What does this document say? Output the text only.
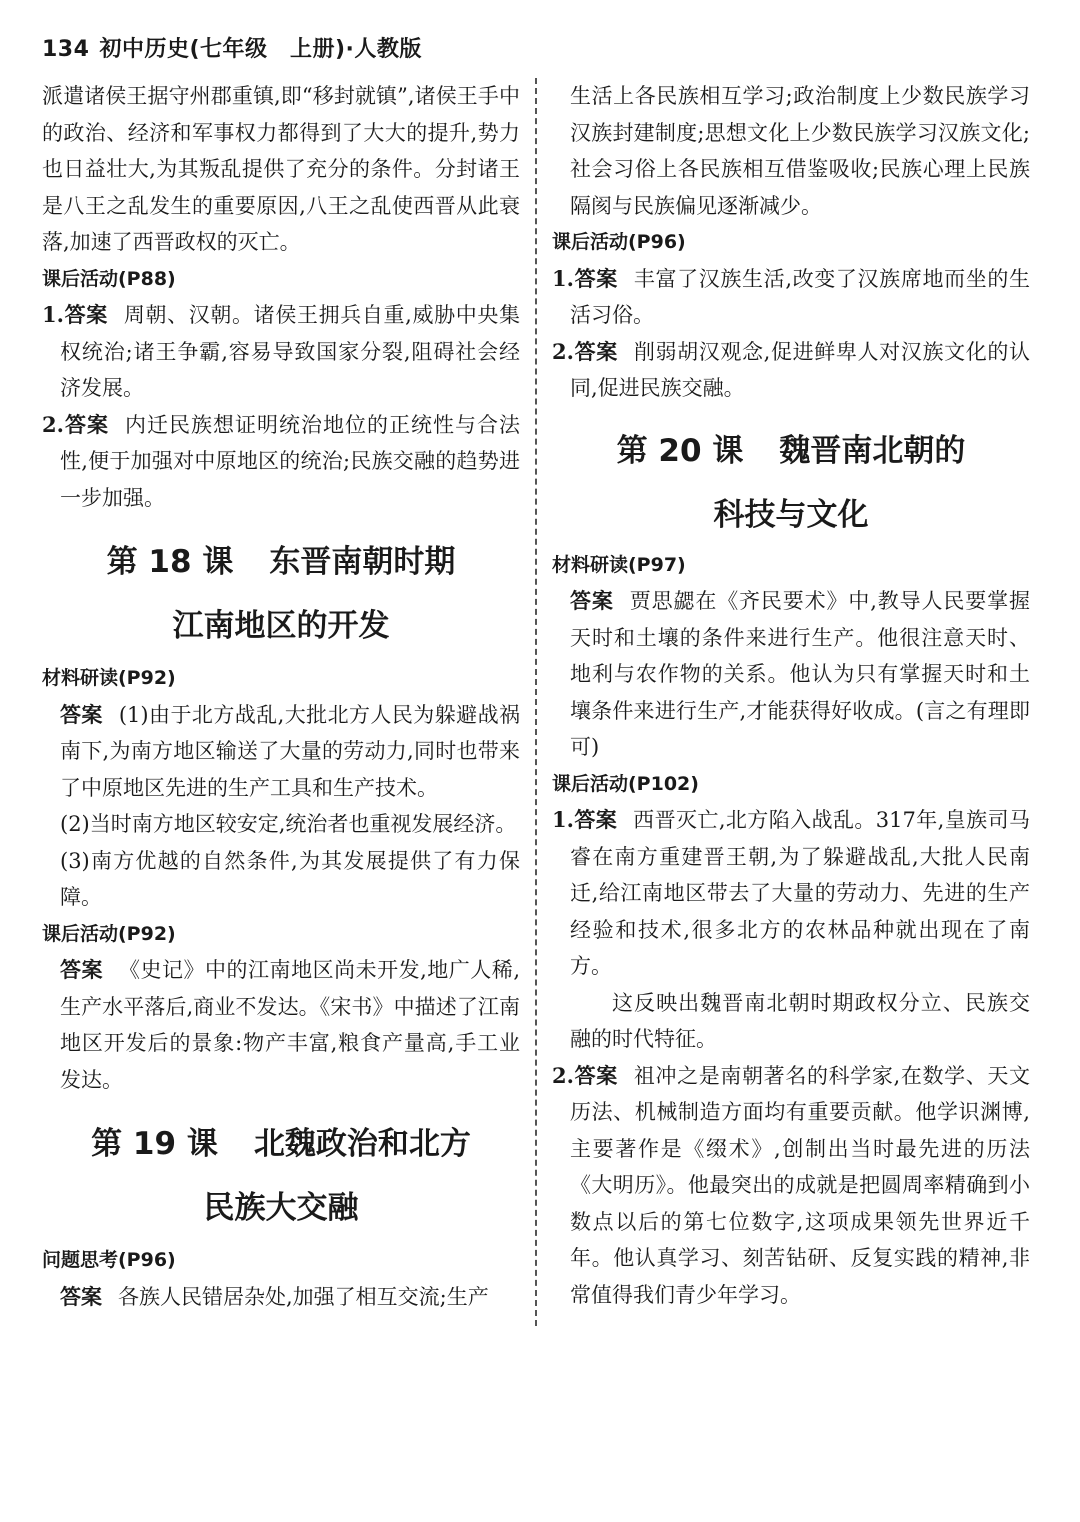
134 初中历史(七年级　上册)·人教版
派遣诸侯王据守州郡重镇,即“移封就镇”,诸侯王手中的政治、经济和军事权力都得到了大大的提升,势力也日益壮大,为其叛乱提供了充分的条件。分封诸王是八王之乱发生的重要原因,八王之乱使西晋从此衰落,加速了西晋政权的灭亡。
课后活动(P88)
1.答案 周朝、汉朝。诸侯王拥兵自重,威胁中央集权统治;诸王争霸,容易导致国家分裂,阻碍社会经济发展。
2.答案 内迁民族想证明统治地位的正统性与合法性,便于加强对中原地区的统治;民族交融的趋势进一步加强。
第 18 课 东晋南朝时期
江南地区的开发
材料研读(P92)
答案 (1)由于北方战乱,大批北方人民为躲避战祸南下,为南方地区输送了大量的劳动力,同时也带来了中原地区先进的生产工具和生产技术。
(2)当时南方地区较安定,统治者也重视发展经济。
(3)南方优越的自然条件,为其发展提供了有力保障。
课后活动(P92)
答案 《史记》中的江南地区尚未开发,地广人稀,生产水平落后,商业不发达。《宋书》中描述了江南地区开发后的景象:物产丰富,粮食产量高,手工业发达。
第 19 课 北魏政治和北方
民族大交融
问题思考(P96)
答案 各族人民错居杂处,加强了相互交流;生产
生活上各民族相互学习;政治制度上少数民族学习汉族封建制度;思想文化上少数民族学习汉族文化;社会习俗上各民族相互借鉴吸收;民族心理上民族隔阂与民族偏见逐渐减少。
课后活动(P96)
1.答案 丰富了汉族生活,改变了汉族席地而坐的生活习俗。
2.答案 削弱胡汉观念,促进鲜卑人对汉族文化的认同,促进民族交融。
第 20 课 魏晋南北朝的
科技与文化
材料研读(P97)
答案 贾思勰在《齐民要术》中,教导人民要掌握天时和土壤的条件来进行生产。他很注意天时、地利与农作物的关系。他认为只有掌握天时和土壤条件来进行生产,才能获得好收成。(言之有理即可)
课后活动(P102)
1.答案 西晋灭亡,北方陷入战乱。317年,皇族司马睿在南方重建晋王朝,为了躲避战乱,大批人民南迁,给江南地区带去了大量的劳动力、先进的生产经验和技术,很多北方的农林品种就出现在了南方。
这反映出魏晋南北朝时期政权分立、民族交融的时代特征。
2.答案 祖冲之是南朝著名的科学家,在数学、天文历法、机械制造方面均有重要贡献。他学识渊博,主要著作是《缀术》,创制出当时最先进的历法《大明历》。他最突出的成就是把圆周率精确到小数点以后的第七位数字,这项成果领先世界近千年。他认真学习、刻苦钻研、反复实践的精神,非常值得我们青少年学习。
